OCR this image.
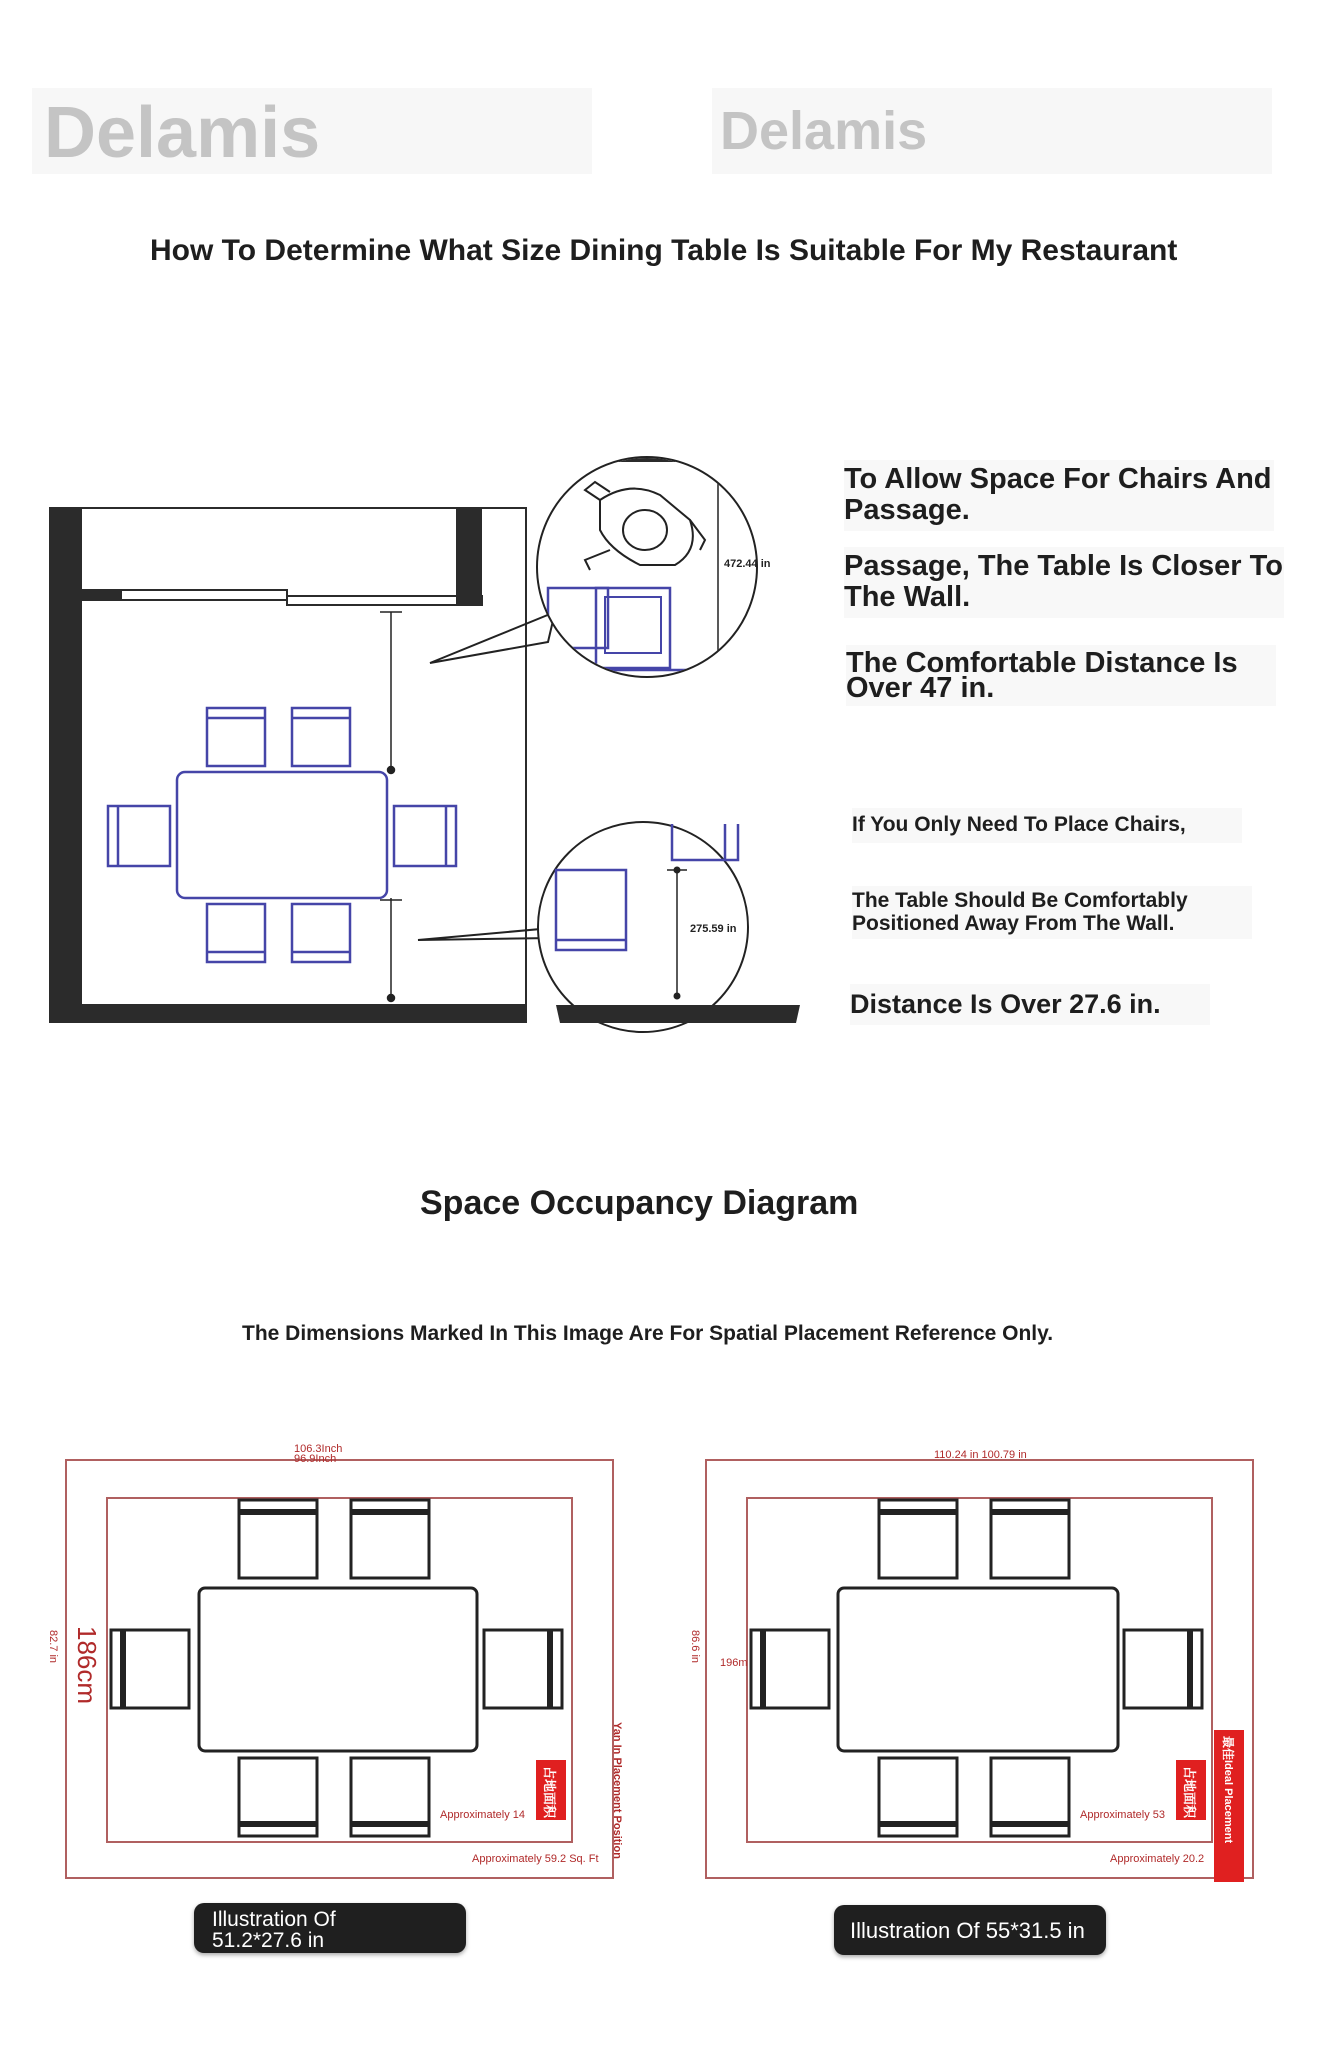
Delamis	Delamis
How To Determine What Size Dining Table Is Suitable For My Restaurant
472.44 in
275.59 in
To Allow Space For Chairs And Passage.
Passage, The Table Is Closer To The Wall.
The Comfortable Distance Is Over 47 in.
If You Only Need To Place Chairs,
The Table Should Be Comfortably Positioned Away From The Wall.
Distance Is Over 27.6 in.
Space Occupancy Diagram
The Dimensions Marked In This Image Are For Spatial Placement Reference Only.
106.3Inch
96.9Inch
82.7 in 186cm
Approximately 14
Approximately 59.2 Sq. Ft
Yan In Placement Position
占地面积
110.24 in 100.79 in
86.6 in 196m
Approximately 53
Approximately 20.2
占地面积 Ideal Placement
最佳
Illustration Of 51.2*27.6 in	Illustration Of 55*31.5 in
